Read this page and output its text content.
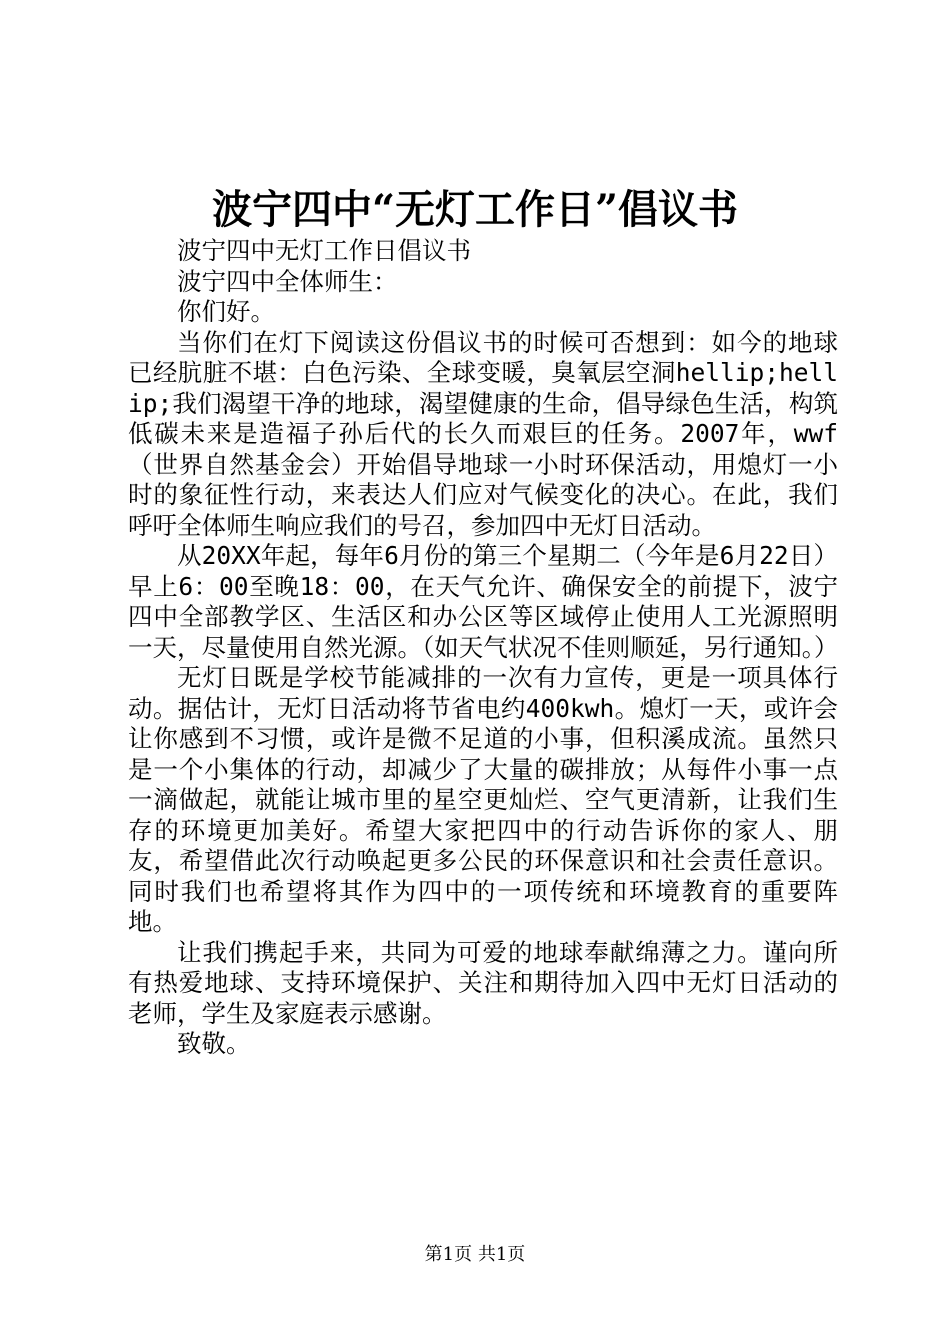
波宁四中“无灯工作日”倡议书

波宁四中无灯工作日倡议书

波宁四中全体师生：

你们好。

当你们在灯下阅读这份倡议书的时候可否想到：如今的地球已经肮脏不堪：白色污染、全球变暖，臭氧层空洞hellip;hellip;我们渴望干净的地球，渴望健康的生命，倡导绿色生活，构筑低碳未来是造福子孙后代的长久而艰巨的任务。2007年，wwf（世界自然基金会）开始倡导地球一小时环保活动，用熄灯一小时的象征性行动，来表达人们应对气候变化的决心。在此，我们呼吁全体师生响应我们的号召，参加四中无灯日活动。

从20XX年起，每年6月份的第三个星期二（今年是6月22日）早上6：00至晚18：00，在天气允许、确保安全的前提下，波宁四中全部教学区、生活区和办公区等区域停止使用人工光源照明一天，尽量使用自然光源。（如天气状况不佳则顺延，另行通知。）

无灯日既是学校节能减排的一次有力宣传，更是一项具体行动。据估计，无灯日活动将节省电约400kwh。熄灯一天，或许会让你感到不习惯，或许是微不足道的小事，但积溪成流。虽然只是一个小集体的行动，却减少了大量的碳排放；从每件小事一点一滴做起，就能让城市里的星空更灿烂、空气更清新，让我们生存的环境更加美好。希望大家把四中的行动告诉你的家人、朋友，希望借此次行动唤起更多公民的环保意识和社会责任意识。同时我们也希望将其作为四中的一项传统和环境教育的重要阵地。

让我们携起手来，共同为可爱的地球奉献绵薄之力。谨向所有热爱地球、支持环境保护、关注和期待加入四中无灯日活动的老师，学生及家庭表示感谢。

致敬。

第1页 共1页
